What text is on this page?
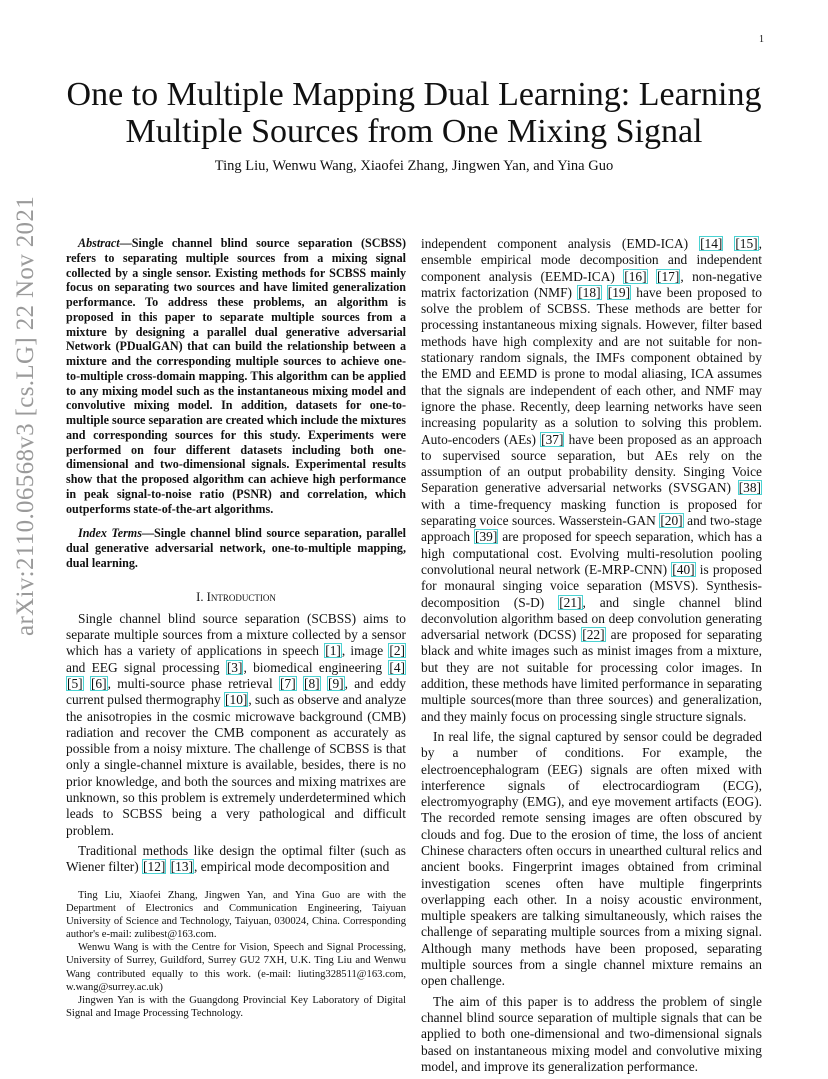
1
arXiv:2110.06568v3 [cs.LG] 22 Nov 2021
One to Multiple Mapping Dual Learning: Learning Multiple Sources from One Mixing Signal
Ting Liu, Wenwu Wang, Xiaofei Zhang, Jingwen Yan, and Yina Guo

Abstract—Single channel blind source separation (SCBSS) refers to separating multiple sources from a mixing signal collected by a single sensor. Existing methods for SCBSS mainly focus on separating two sources and have limited generalization performance. To address these problems, an algorithm is proposed in this paper to separate multiple sources from a mixture by designing a parallel dual generative adversarial Network (PDualGAN) that can build the relationship between a mixture and the corresponding multiple sources to achieve one-to-multiple cross-domain mapping. This algorithm can be applied to any mixing model such as the instantaneous mixing model and convolutive mixing model. In addition, datasets for one-to-multiple source separation are created which include the mixtures and corresponding sources for this study. Experiments were performed on four different datasets including both one-dimensional and two-dimensional signals. Experimental results show that the proposed algorithm can achieve high performance in peak signal-to-noise ratio (PSNR) and correlation, which outperforms state-of-the-art algorithms.

Index Terms—Single channel blind source separation, parallel dual generative adversarial network, one-to-multiple mapping, dual learning.

I. Introduction

Single channel blind source separation (SCBSS) aims to separate multiple sources from a mixture collected by a sensor which has a variety of applications in speech [1], image [2] and EEG signal processing [3], biomedical engineering [4] [5] [6], multi-source phase retrieval [7] [8] [9], and eddy current pulsed thermography [10], such as observe and analyze the anisotropies in the cosmic microwave background (CMB) radiation and recover the CMB component as accurately as possible from a noisy mixture. The challenge of SCBSS is that only a single-channel mixture is available, besides, there is no prior knowledge, and both the sources and mixing matrixes are unknown, so this problem is extremely underdetermined which leads to SCBSS being a very pathological and difficult problem.

Traditional methods like design the optimal filter (such as Wiener filter) [12] [13], empirical mode decomposition and

independent component analysis (EMD-ICA) [14] [15], ensemble empirical mode decomposition and independent component analysis (EEMD-ICA) [16] [17], non-negative matrix factorization (NMF) [18] [19] have been proposed to solve the problem of SCBSS. These methods are better for processing instantaneous mixing signals. However, filter based methods have high complexity and are not suitable for non-stationary random signals, the IMFs component obtained by the EMD and EEMD is prone to modal aliasing, ICA assumes that the signals are independent of each other, and NMF may ignore the phase. Recently, deep learning networks have seen increasing popularity as a solution to solving this problem. Auto-encoders (AEs) [37] have been proposed as an approach to supervised source separation, but AEs rely on the assumption of an output probability density. Singing Voice Separation generative adversarial networks (SVSGAN) [38] with a time-frequency masking function is proposed for separating voice sources. Wasserstein-GAN [20] and two-stage approach [39] are proposed for speech separation, which has a high computational cost. Evolving multi-resolution pooling convolutional neural network (E-MRP-CNN) [40] is proposed for monaural singing voice separation (MSVS). Synthesis-decomposition (S-D) [21], and single channel blind deconvolution algorithm based on deep convolution generating adversarial network (DCSS) [22] are proposed for separating black and white images such as minist images from a mixture, but they are not suitable for processing color images. In addition, these methods have limited performance in separating multiple sources(more than three sources) and generalization, and they mainly focus on processing single structure signals.

In real life, the signal captured by sensor could be degraded by a number of conditions. For example, the electroencephalogram (EEG) signals are often mixed with interference signals of electrocardiogram (ECG), electromyography (EMG), and eye movement artifacts (EOG). The recorded remote sensing images are often obscured by clouds and fog. Due to the erosion of time, the loss of ancient Chinese characters often occurs in unearthed cultural relics and ancient books. Fingerprint images obtained from criminal investigation scenes often have multiple fingerprints overlapping each other. In a noisy acoustic environment, multiple speakers are talking simultaneously, which raises the challenge of separating multiple sources from a mixing signal. Although many methods have been proposed, separating multiple sources from a single channel mixture remains an open challenge.

The aim of this paper is to address the problem of single channel blind source separation of multiple signals that can be applied to both one-dimensional and two-dimensional signals based on instantaneous mixing model and convolutive mixing model, and improve its generalization performance.

Ting Liu, Xiaofei Zhang, Jingwen Yan, and Yina Guo are with the Department of Electronics and Communication Engineering, Taiyuan University of Science and Technology, Taiyuan, 030024, China. Corresponding author's e-mail: zulibest@163.com.

Wenwu Wang is with the Centre for Vision, Speech and Signal Processing, University of Surrey, Guildford, Surrey GU2 7XH, U.K. Ting Liu and Wenwu Wang contributed equally to this work. (e-mail: liuting328511@163.com, w.wang@surrey.ac.uk)

Jingwen Yan is with the Guangdong Provincial Key Laboratory of Digital Signal and Image Processing Technology.
